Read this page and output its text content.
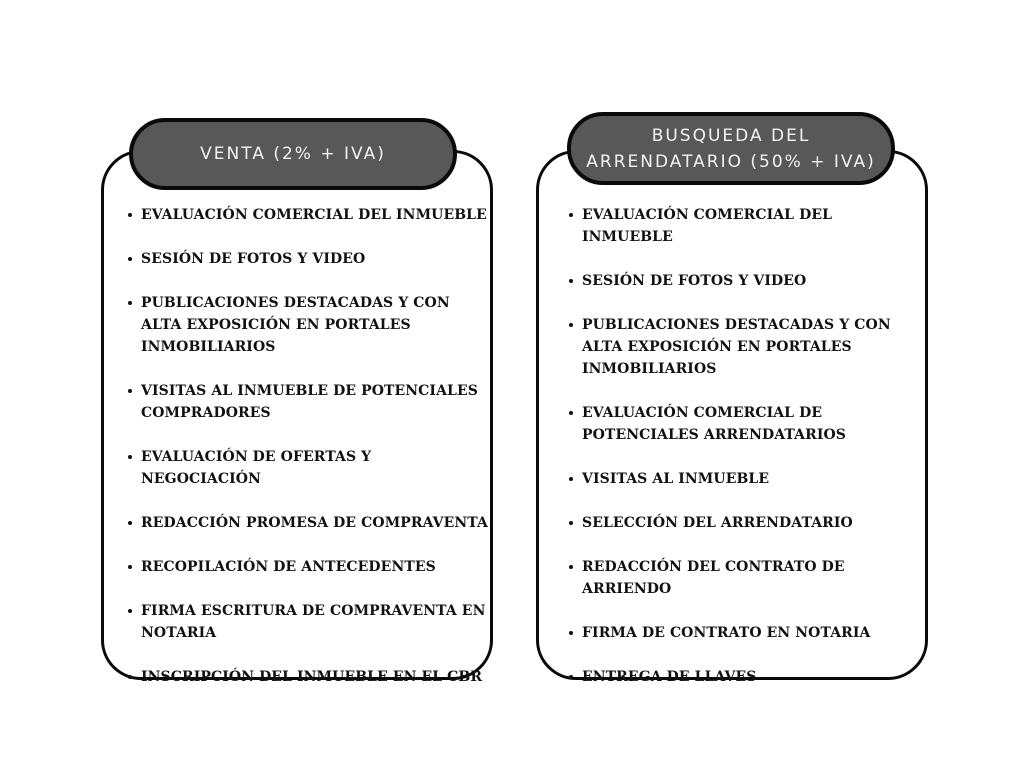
VENTA (2% + IVA)
BUSQUEDA DEL
ARRENDATARIO (50% + IVA)
EVALUACIÓN COMERCIAL DEL INMUEBLE
SESIÓN DE FOTOS Y VIDEO
PUBLICACIONES DESTACADAS Y CON ALTA EXPOSICIÓN EN PORTALES INMOBILIARIOS
VISITAS AL INMUEBLE DE POTENCIALES COMPRADORES
EVALUACIÓN DE OFERTAS Y NEGOCIACIÓN
REDACCIÓN PROMESA DE COMPRAVENTA
RECOPILACIÓN DE ANTECEDENTES
FIRMA ESCRITURA DE COMPRAVENTA EN NOTARIA
INSCRIPCIÓN DEL INMUEBLE EN EL CBR
EVALUACIÓN COMERCIAL DEL INMUEBLE
SESIÓN DE FOTOS Y VIDEO
PUBLICACIONES DESTACADAS Y CON ALTA EXPOSICIÓN EN PORTALES INMOBILIARIOS
EVALUACIÓN COMERCIAL DE POTENCIALES ARRENDATARIOS
VISITAS AL INMUEBLE
SELECCIÓN DEL ARRENDATARIO
REDACCIÓN DEL CONTRATO DE ARRIENDO
FIRMA DE CONTRATO EN NOTARIA
ENTREGA DE LLAVES
